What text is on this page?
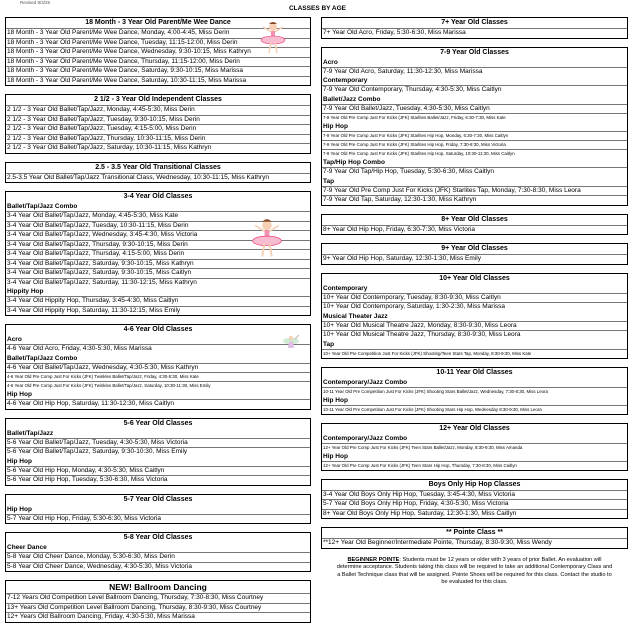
Revised 8/3/25
CLASSES BY AGE
18 Month - 3 Year Old Parent/Me Wee Dance
18 Month - 3 Year Old Parent/Me Wee Dance, Monday, 4:00-4:45, Miss Derin
18 Month - 3 Year Old Parent/Me Wee Dance, Tuesday, 11:15-12:00, Miss Derin
18 Month - 3 Year Old Parent/Me Wee Dance, Wednesday, 9:30-10:15, Miss Kathryn
18 Month - 3 Year Old Parent/Me Wee Dance, Thursday, 11:15-12:00, Miss Derin
18 Month - 3 Year Old Parent/Me Wee Dance, Saturday, 9:30-10:15, Miss Marissa
18 Month - 3 Year Old Parent/Me Wee Dance, Saturday, 10:30-11:15, Miss Marissa
2 1/2 - 3 Year Old Independent Classes
2 1/2 - 3 Year Old Ballet/Tap/Jazz, Monday, 4:45-5:30, Miss Derin
2 1/2 - 3 Year Old Ballet/Tap/Jazz, Tuesday, 9:30-10:15, Miss Derin
2 1/2 - 3 Year Old Ballet/Tap/Jazz, Tuesday, 4:15-5:00, Miss Derin
2 1/2 - 3 Year Old Ballet/Tap/Jazz, Thursday, 10:30-11:15, Miss Derin
2 1/2 - 3 Year Old Ballet/Tap/Jazz, Saturday, 10:30-11:15, Miss Kathryn
2.5 - 3.5 Year Old Transitional Classes
2.5-3.5 Year Old Ballet/Tap/Jazz Transitional Class, Wednesday, 10:30-11:15, Miss Kathryn
3-4 Year Old Classes
Ballet/Tap/Jazz Combo
3-4 Year Old Ballet/Tap/Jazz, Monday, 4:45-5:30, Miss Kate
3-4 Year Old Ballet/Tap/Jazz, Tuesday, 10:30-11:15, Miss Derin
3-4 Year Old Ballet/Tap/Jazz, Wednesday, 3:45-4:30, Miss Victoria
3-4 Year Old Ballet/Tap/Jazz, Thursday, 9:30-10:15, Miss Derin
3-4 Year Old Ballet/Tap/Jazz, Thursday, 4:15-5:00, Miss Derin
3-4 Year Old Ballet/Tap/Jazz, Saturday, 9:30-10:15, Miss Kathryn
3-4 Year Old Ballet/Tap/Jazz, Saturday, 9:30-10:15, Miss Caitlyn
3-4 Year Old Ballet/Tap/Jazz, Saturday, 11:30-12:15, Miss Kathryn
Hippity Hop
3-4 Year Old Hippity Hop, Thursday, 3:45-4:30, Miss Caitlyn
3-4 Year Old Hippity Hop, Saturday, 11:30-12:15, Miss Emily
4-6 Year Old Classes
Acro
4-6 Year Old Acro, Friday, 4:30-5:30, Miss Marissa
Ballet/Tap/Jazz Combo
4-6 Year Old Ballet/Tap/Jazz, Wednesday, 4:30-5:30, Miss Kathryn
4-6 Year Old Pre Comp Just For Kicks (JFK) Twinkles Ballet/Tap/Jazz, Friday, 4:30-5:30, Miss Kate
4-6 Year Old Pre Comp Just For Kicks (JFK) Twinkles Ballet/Tap/Jazz, Saturday, 10:30-11:30, Miss Emily
Hip Hop
4-6 Year Old Hip Hop, Saturday, 11:30-12:30, Miss Caitlyn
5-6 Year Old Classes
Ballet/Tap/Jazz
5-6 Year Old Ballet/Tap/Jazz, Tuesday, 4:30-5:30, Miss Victoria
5-6 Year Old Ballet/Tap/Jazz, Saturday, 9:30-10:30, Miss Emily
Hip Hop
5-6 Year Old Hip Hop, Monday, 4:30-5:30, Miss Caitlyn
5-6 Year Old Hip Hop, Tuesday, 5:30-6:30, Miss Victoria
5-7 Year Old Classes
Hip Hop
5-7 Year Old Hip Hop, Friday, 5:30-6:30, Miss Victoria
5-8 Year Old Classes
Cheer Dance
5-8 Year Old Cheer Dance, Monday, 5:30-6:30, Miss Derin
5-8 Year Old Cheer Dance, Wednesday, 4:30-5:30, Miss Victoria
NEW! Ballroom Dancing
7-12 Years Old Competition Level Ballroom Dancing, Thursday, 7:30-8:30, Miss Courtney
13+ Years Old Competition Level Ballroom Dancing, Thursday, 8:30-9:30, Miss Courtney
12+ Years Old Ballroom Dancing, Friday, 4:30-5:30, Miss Marissa
7+ Year Old Classes
7+ Year Old Acro, Friday, 5:30-6:30, Miss Marissa
7-9 Year Old Classes
Acro
7-9 Year Old Acro, Saturday, 11:30-12:30, Miss Marissa
Contemporary
7-9 Year Old Contemporary, Thursday, 4:30-5:30, Miss Caitlyn
Ballet/Jazz Combo
7-9 Year Old Ballet/Jazz, Tuesday, 4:30-5:30, Miss Caitlyn
7-9 Year Old Pre Comp Just For Kicks (JFK) Starlites Ballet/Jazz, Friday, 6:30-7:30, Miss Kate
Hip Hop
7-9 Year Old Pre Comp Just For Kicks (JFK) Starlites Hip Hop, Monday, 6:30-7:30, Miss Caitlyn
7-9 Year Old Pre Comp Just For Kicks (JFK) Starlites Hip Hop, Friday, 7:30-8:30, Miss Victoria
7-9 Year Old Pre Comp Just For Kicks (JFK) Starlites Hip Hop, Saturday, 10:30-11:30, Miss Caitlyn
Tap/Hip Hop Combo
7-9 Year Old Tap/Hip Hop, Tuesday, 5:30-6:30, Miss Caitlyn
Tap
7-9 Year Old Pre Comp Just For Kicks (JFK) Starlites Tap, Monday, 7:30-8:30, Miss Leora
7-9 Year Old Tap, Saturday, 12:30-1:30, Miss Kathryn
8+ Year Old Classes
8+ Year Old Hip Hop, Friday, 6:30-7:30, Miss Victoria
9+ Year Old Classes
9+ Year Old Hip Hop, Saturday, 12:30-1:30, Miss Emily
10+ Year Old Classes
Contemporary
10+ Year Old Contemporary, Tuesday, 8:30-9:30, Miss Caitlyn
10+ Year Old Contemporary, Saturday, 1:30-2:30, Miss Marissa
Musical Theater Jazz
10+ Year Old Musical Theatre Jazz, Monday, 8:30-9:30, Miss Leora
10+ Year Old Musical Theatre Jazz, Thursday, 8:30-9:30, Miss Leora
Tap
10+ Year Old Pre Competition Just For Kicks (JFK) Shooting/Teen Stars Tap, Monday, 8:30-9:30, Miss Kate
10-11 Year Old Classes
Contemporary/Jazz Combo
10-11 Year Old Pre Competition Just For Kicks (JFK) Shooting Stars Ballet/Jazz, Wednesday, 7:30-8:30, Miss Leora
Hip Hop
10-11 Year Old Pre Competition Just For Kicks (JFK) Shooting Stars Hip Hop, Wednesday 8:30-9:30, Miss Leora
12+ Year Old Classes
Contemporary/Jazz Combo
12+ Year Old Pre Comp Just For Kicks (JFK) Teen Stars Ballet/Jazz, Monday, 8:30-9:30, Miss Amanda
Hip Hop
12+ Year Old Pre Comp Just For Kicks (JFK) Teen Stars Hip Hop, Thursday, 7:30-8:30, Miss Caitlyn
Boys Only Hip Hop Classes
3-4 Year Old Boys Only Hip Hop, Tuesday, 3:45-4:30, Miss Victoria
5-7 Year Old Boys Only Hip Hop, Friday, 4:30-5:30, Miss Victoria
8+ Year Old Boys Only Hip Hop, Saturday, 12:30-1:30, Miss Caitlyn
** Pointe Class **
**12+ Year Old Beginner/Intermediate Pointe, Thursday, 8:30-9:30, Miss Wendy
BEGINNER POINTE: Students must be 12 years or older with 3 years of prior Ballet. An evaluation will determine acceptance. Students taking this class will be required to take an additional Contemporary Class and a Ballet Technique class that will be assigned. Pointe Shoes will be required for this class. Contact the studio to be evaluated for this class.
